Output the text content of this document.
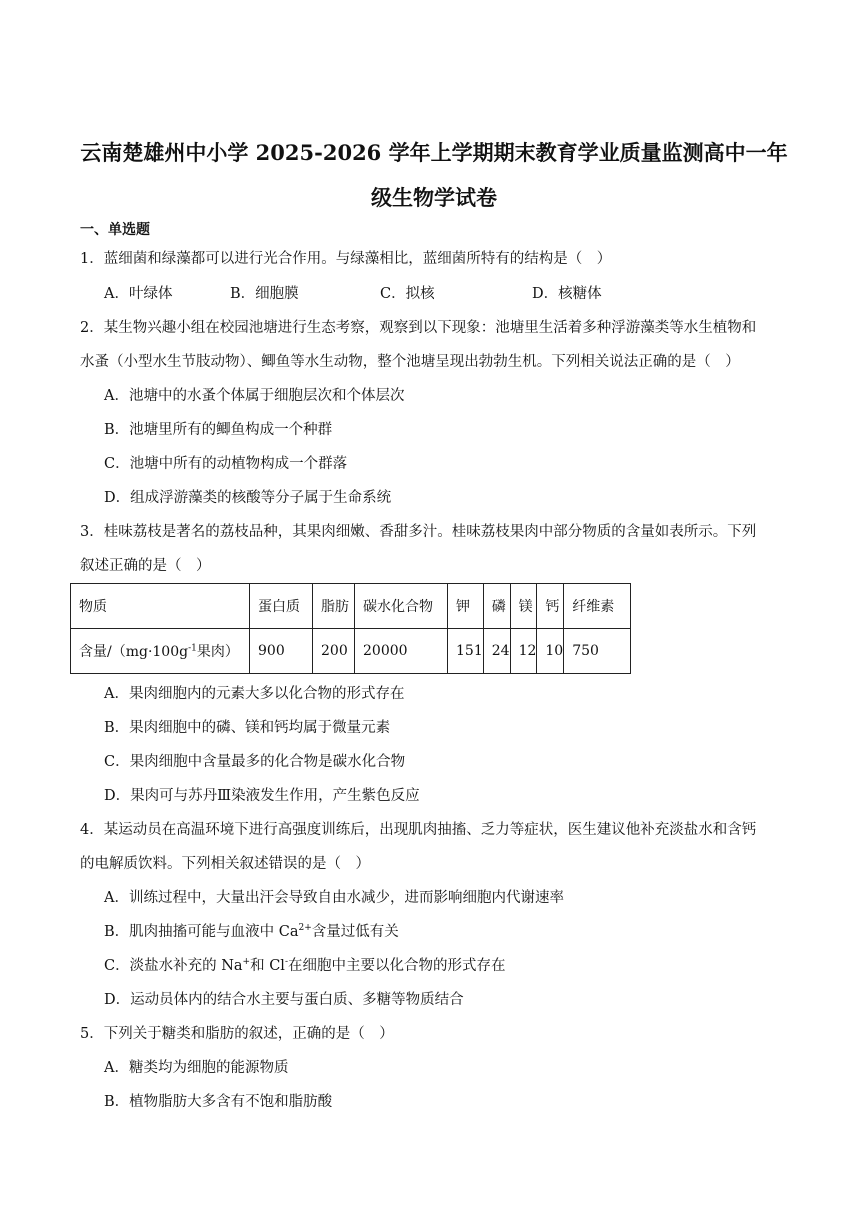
云南楚雄州中小学 2025-2026 学年上学期期末教育学业质量监测高中一年
级生物学试卷
一、单选题
1．蓝细菌和绿藻都可以进行光合作用。与绿藻相比，蓝细菌所特有的结构是（　）
A．叶绿体	B．细胞膜	C．拟核	D．核糖体
2．某生物兴趣小组在校园池塘进行生态考察，观察到以下现象：池塘里生活着多种浮游藻类等水生植物和
水蚤（小型水生节肢动物）、鲫鱼等水生动物，整个池塘呈现出勃勃生机。下列相关说法正确的是（　）
A．池塘中的水蚤个体属于细胞层次和个体层次
B．池塘里所有的鲫鱼构成一个种群
C．池塘中所有的动植物构成一个群落
D．组成浮游藻类的核酸等分子属于生命系统
3．桂味荔枝是著名的荔枝品种，其果肉细嫩、香甜多汁。桂味荔枝果肉中部分物质的含量如表所示。下列
叙述正确的是（　）
物质	蛋白质	脂肪	碳水化合物	钾	磷	镁	钙	纤维素
含量$/(mg\cdot 100g^{-1}$果肉）	900	200	20000	151	24	12	10	750
A．果肉细胞内的元素大多以化合物的形式存在
B．果肉细胞中的磷、镁和钙均属于微量元素
C．果肉细胞中含量最多的化合物是碳水化合物
D．果肉可与苏丹Ⅲ染液发生作用，产生紫色反应
4．某运动员在高温环境下进行高强度训练后，出现肌肉抽搐、乏力等症状，医生建议他补充淡盐水和含钙
的电解质饮料。下列相关叙述错误的是（　）
A．训练过程中，大量出汗会导致自由水减少，进而影响细胞内代谢速率
B．肌肉抽搐可能与血液中 $Ca^{2+}$含量过低有关
C．淡盐水补充的 Na+和 Cl-在细胞中主要以化合物的形式存在
D．运动员体内的结合水主要与蛋白质、多糖等物质结合
5．下列关于糖类和脂肪的叙述，正确的是（　）
A．糖类均为细胞的能源物质
B．植物脂肪大多含有不饱和脂肪酸
